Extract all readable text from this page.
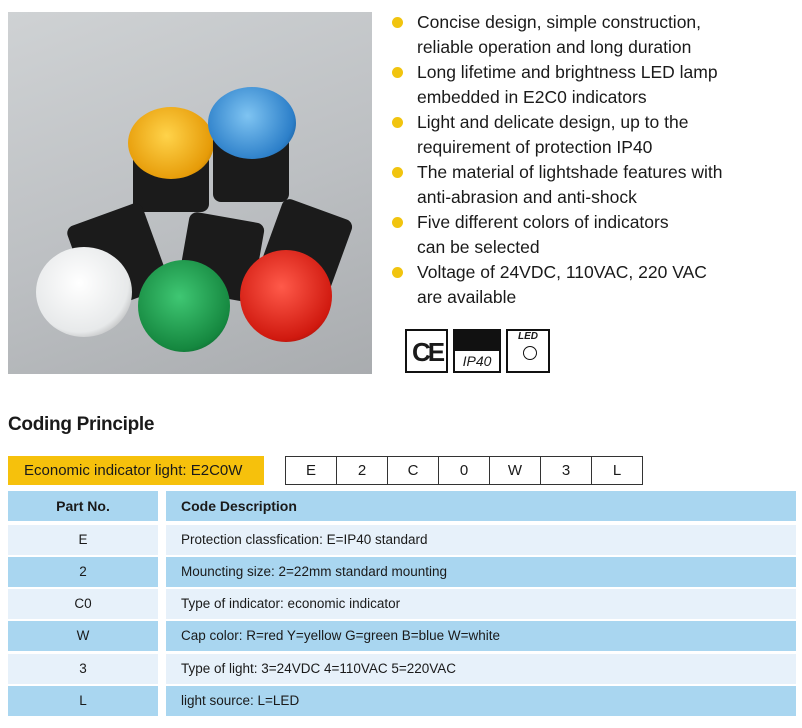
Concise design, simple construction,
reliable operation and long duration
Long lifetime and brightness LED lamp
embedded in E2C0 indicators
Light and delicate design, up to the
requirement of protection IP40
The material of lightshade features with
anti-abrasion and anti-shock
Five different colors of indicators
can be selected
Voltage of 24VDC, 110VAC, 220 VAC
are available
CE	IP40
LED
Coding Principle
Economic indicator light: E2C0W	E	2	C	0	W	3	L
Part No.	Code Description
E	Protection classfication: E=IP40 standard
2	Mouncting size: 2=22mm standard mounting
C0	Type of indicator: economic indicator
W	Cap color: R=red Y=yellow G=green B=blue W=white
3	Type of light: 3=24VDC 4=110VAC 5=220VAC
L	light source: L=LED
